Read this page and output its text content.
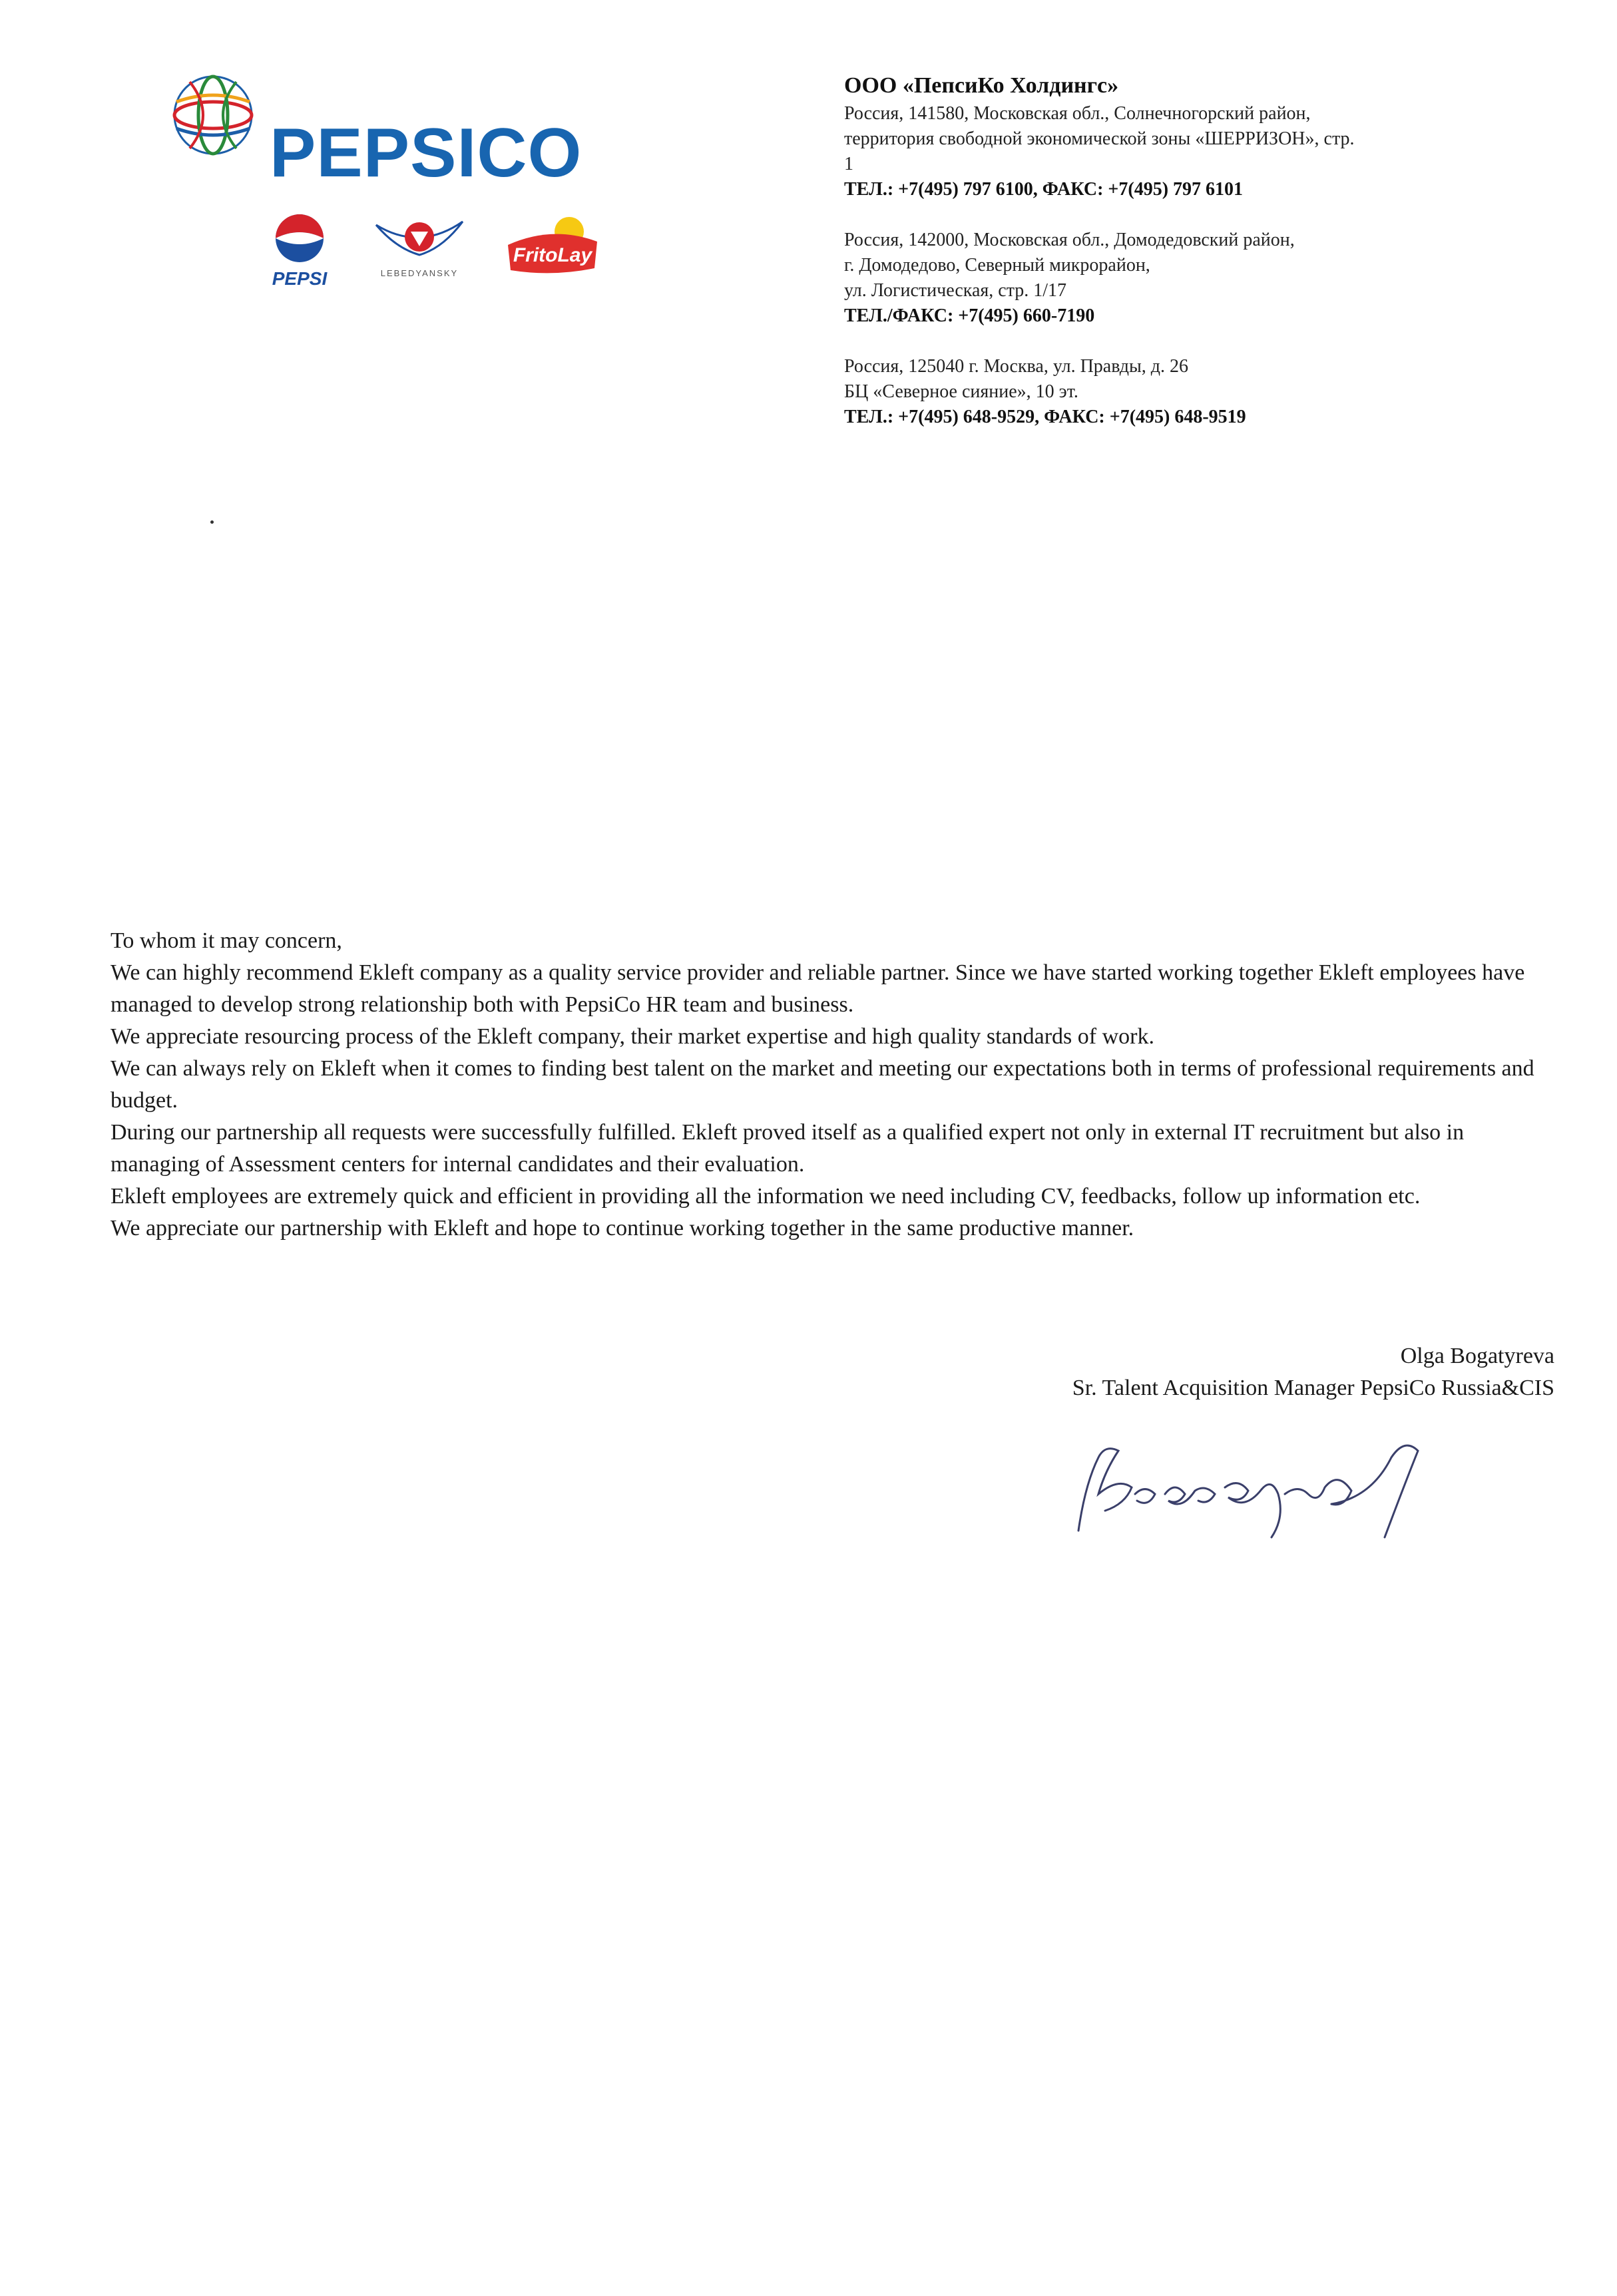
PEPSICO
PEPSI	LEBEDYANSKY
FritoLay
ООО «ПепсиКо Холдингс»
Россия, 141580, Московская обл., Солнечногорский район,
территория свободной экономической зоны «ШЕРРИЗОН», стр.
1
ТЕЛ.: +7(495) 797 6100, ФАКС: +7(495) 797 6101
Россия, 142000, Московская обл., Домодедовский район,
г. Домодедово, Северный микрорайон,
ул. Логистическая, стр. 1/17
ТЕЛ./ФАКС: +7(495) 660-7190
Россия, 125040 г. Москва, ул. Правды, д. 26
БЦ «Северное сияние», 10 эт.
ТЕЛ.: +7(495) 648-9529, ФАКС: +7(495) 648-9519

To whom it may concern,

We can highly recommend Ekleft company as a quality service provider and reliable partner. Since we have started working together Ekleft employees have managed to develop strong relationship both with PepsiCo HR team and business.

We appreciate resourcing process of the Ekleft company, their market expertise and high quality standards of work.

We can always rely on Ekleft when it comes to finding best talent on the market and meeting our expectations both in terms of professional requirements and budget.

During our partnership all requests were successfully fulfilled. Ekleft proved itself as a qualified expert not only in external IT recruitment but also in managing of Assessment centers for internal candidates and their evaluation.

Ekleft employees are extremely quick and efficient in providing all the information we need including CV, feedbacks, follow up information etc.

We appreciate our partnership with Ekleft and hope to continue working together in the same productive manner.

Olga Bogatyreva
Sr. Talent Acquisition Manager PepsiCo Russia&CIS
